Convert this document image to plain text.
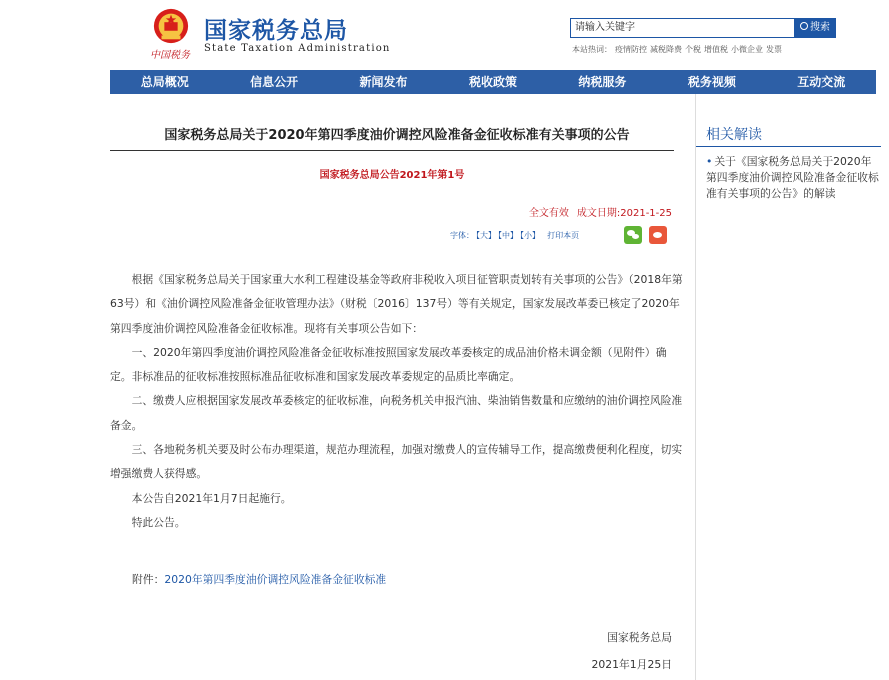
中国税务
国家税务总局
State Taxation Administration
请输入关键字	搜索
本站热词： 疫情防控 减税降费 个税 增值税 小微企业 发票
总局概况	信息公开	新闻发布	税收政策	纳税服务	税务视频	互动交流
国家税务总局关于2020年第四季度油价调控风险准备金征收标准有关事项的公告
国家税务总局公告2021年第1号
全文有效 成文日期:2021-1-25
字体： 【大】 【中】 【小】 打印本页

根据《国家税务总局关于国家重大水利工程建设基金等政府非税收入项目征管职责划转有关事项的公告》（2018年第63号）和《油价调控风险准备金征收管理办法》（财税〔2016〕137号）等有关规定，国家发展改革委已核定了2020年第四季度油价调控风险准备金征收标准。现将有关事项公告如下：

一、2020年第四季度油价调控风险准备金征收标准按照国家发展改革委核定的成品油价格未调金额（见附件）确定。非标准品的征收标准按照标准品征收标准和国家发展改革委规定的品质比率确定。

二、缴费人应根据国家发展改革委核定的征收标准，向税务机关申报汽油、柴油销售数量和应缴纳的油价调控风险准备金。

三、各地税务机关要及时公布办理渠道，规范办理流程，加强对缴费人的宣传辅导工作，提高缴费便利化程度，切实增强缴费人获得感。

本公告自2021年1月7日起施行。

特此公告。

附件：2020年第四季度油价调控风险准备金征收标准
国家税务总局
2021年1月25日
相关解读
• 关于《国家税务总局关于2020年第四季度油价调控风险准备金征收标准有关事项的公告》的解读
